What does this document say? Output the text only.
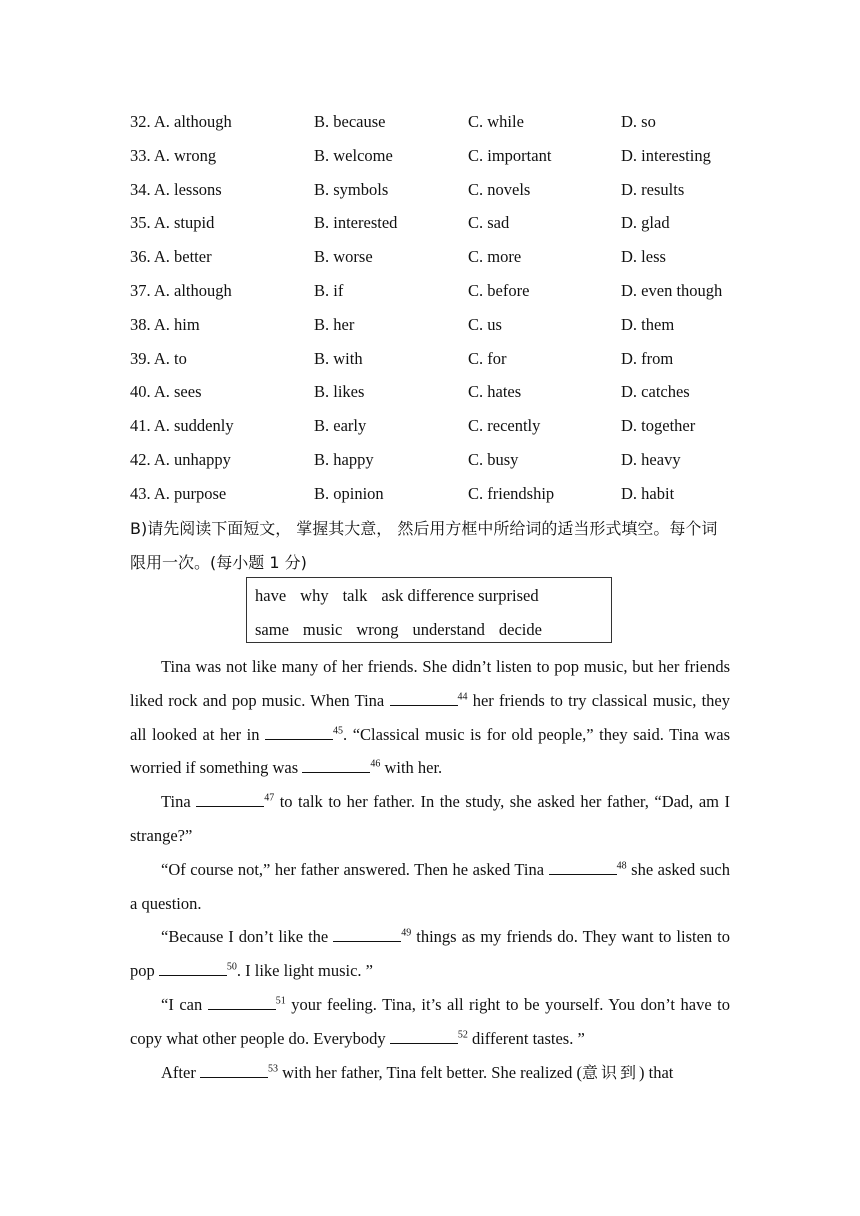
32. A. although	B. because	C. while	D. so
33. A. wrong	B. welcome	C. important	D. interesting
34. A. lessons	B. symbols	C. novels	D. results
35. A. stupid	B. interested	C. sad	D. glad
36. A. better	B. worse	C. more	D. less
37. A. although	B. if	C. before	D. even though
38. A. him	B. her	C. us	D. them
39. A. to	B. with	C. for	D. from
40. A. sees	B. likes	C. hates	D. catches
41. A. suddenly	B. early	C. recently	D. together
42. A. unhappy	B. happy	C. busy	D. heavy
43. A. purpose	B. opinion	C. friendship	D. habit
B)请先阅读下面短文， 掌握其大意， 然后用方框中所给词的适当形式填空。每个词限用一次。(每小题 1 分)
have why talk ask difference surprised
same music wrong understand decide

Tina was not like many of her friends. She didn’t listen to pop music, but her friends liked rock and pop music. When Tina	$^{44}$ her friends to try classical music, they all looked at her in	$^{45}$. “Classical music is for old people,” they said. Tina was worried if something was	$^{46}$ with her.

Tina	$^{47}$ to talk to her father. In the study, she asked her father, “Dad, am I strange?”

“Of course not,” her father answered. Then he asked Tina	$^{48}$ she asked such a question.

“Because I don’t like the	$^{49}$ things as my friends do. They want to listen to pop	$^{50}$. I like light music. ”

“I can	$^{51}$ your feeling. Tina, it’s all right to be yourself. You don’t have to copy what other people do. Everybody	$^{52}$ different tastes. ”

After	$^{53}$ with her father, Tina felt better. She realized (意识到) that
